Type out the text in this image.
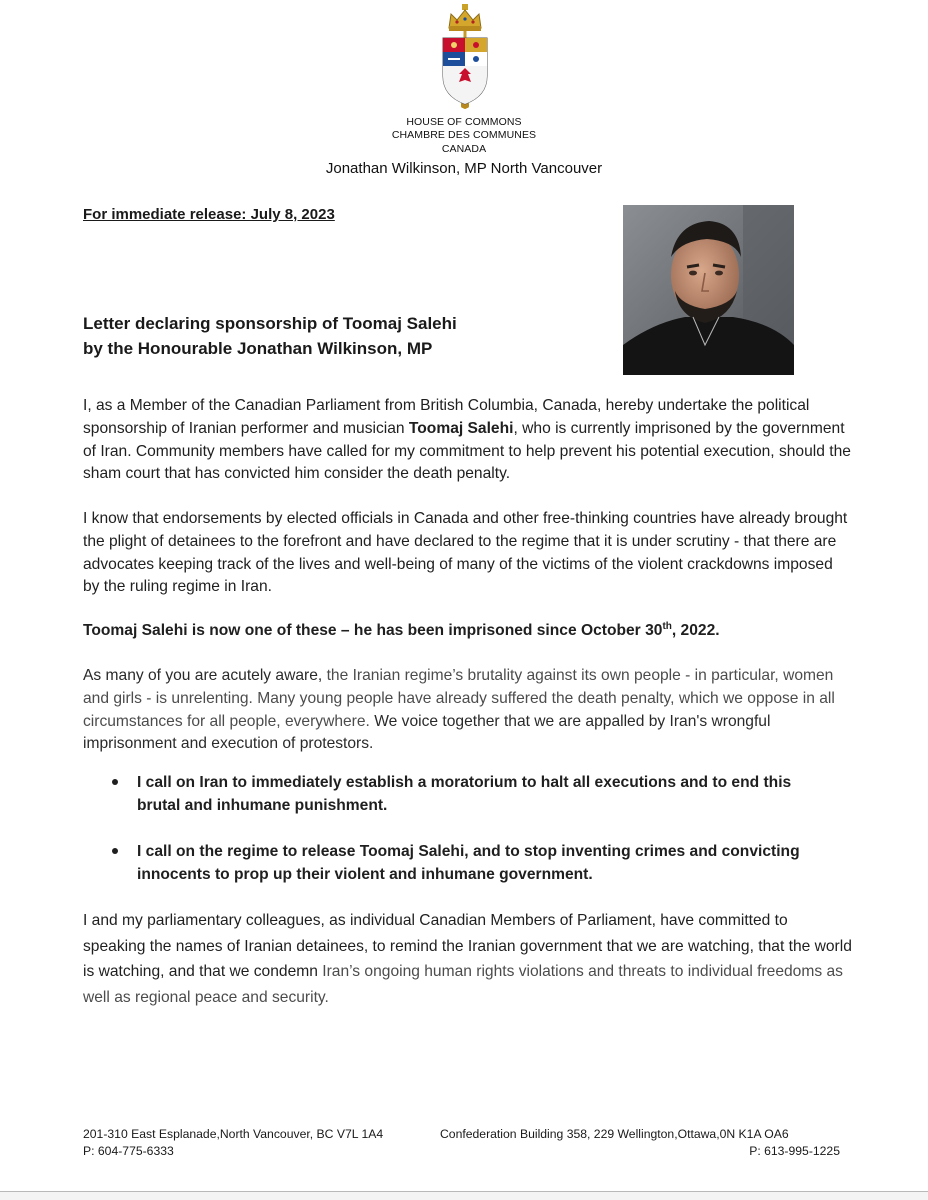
HOUSE OF COMMONS
CHAMBRE DES COMMUNES
CANADA
Jonathan Wilkinson, MP North Vancouver
For immediate release: July 8, 2023
Letter declaring sponsorship of Toomaj Salehi
by the Honourable Jonathan Wilkinson, MP
I, as a Member of the Canadian Parliament from British Columbia, Canada, hereby undertake the political sponsorship of Iranian performer and musician Toomaj Salehi, who is currently imprisoned by the government of Iran. Community members have called for my commitment to help prevent his potential execution, should the sham court that has convicted him consider the death penalty.
I know that endorsements by elected officials in Canada and other free-thinking countries have already brought the plight of detainees to the forefront and have declared to the regime that it is under scrutiny - that there are advocates keeping track of the lives and well-being of many of the victims of the violent crackdowns imposed by the ruling regime in Iran.
Toomaj Salehi is now one of these – he has been imprisoned since October 30th, 2022.
As many of you are acutely aware, the Iranian regime’s brutality against its own people - in particular, women and girls - is unrelenting. Many young people have already suffered the death penalty, which we oppose in all circumstances for all people, everywhere. We voice together that we are appalled by Iran's wrongful imprisonment and execution of protestors.
I call on Iran to immediately establish a moratorium to halt all executions and to end this brutal and inhumane punishment.
I call on the regime to release Toomaj Salehi, and to stop inventing crimes and convicting innocents to prop up their violent and inhumane government.
I and my parliamentary colleagues, as individual Canadian Members of Parliament, have committed to speaking the names of Iranian detainees, to remind the Iranian government that we are watching, that the world is watching, and that we condemn Iran’s ongoing human rights violations and threats to individual freedoms as well as regional peace and security.
201-310 East Esplanade,North Vancouver, BC V7L 1A4
P: 604-775-6333
Confederation Building 358, 229 Wellington,Ottawa,0N K1A OA6
P: 613-995-1225
